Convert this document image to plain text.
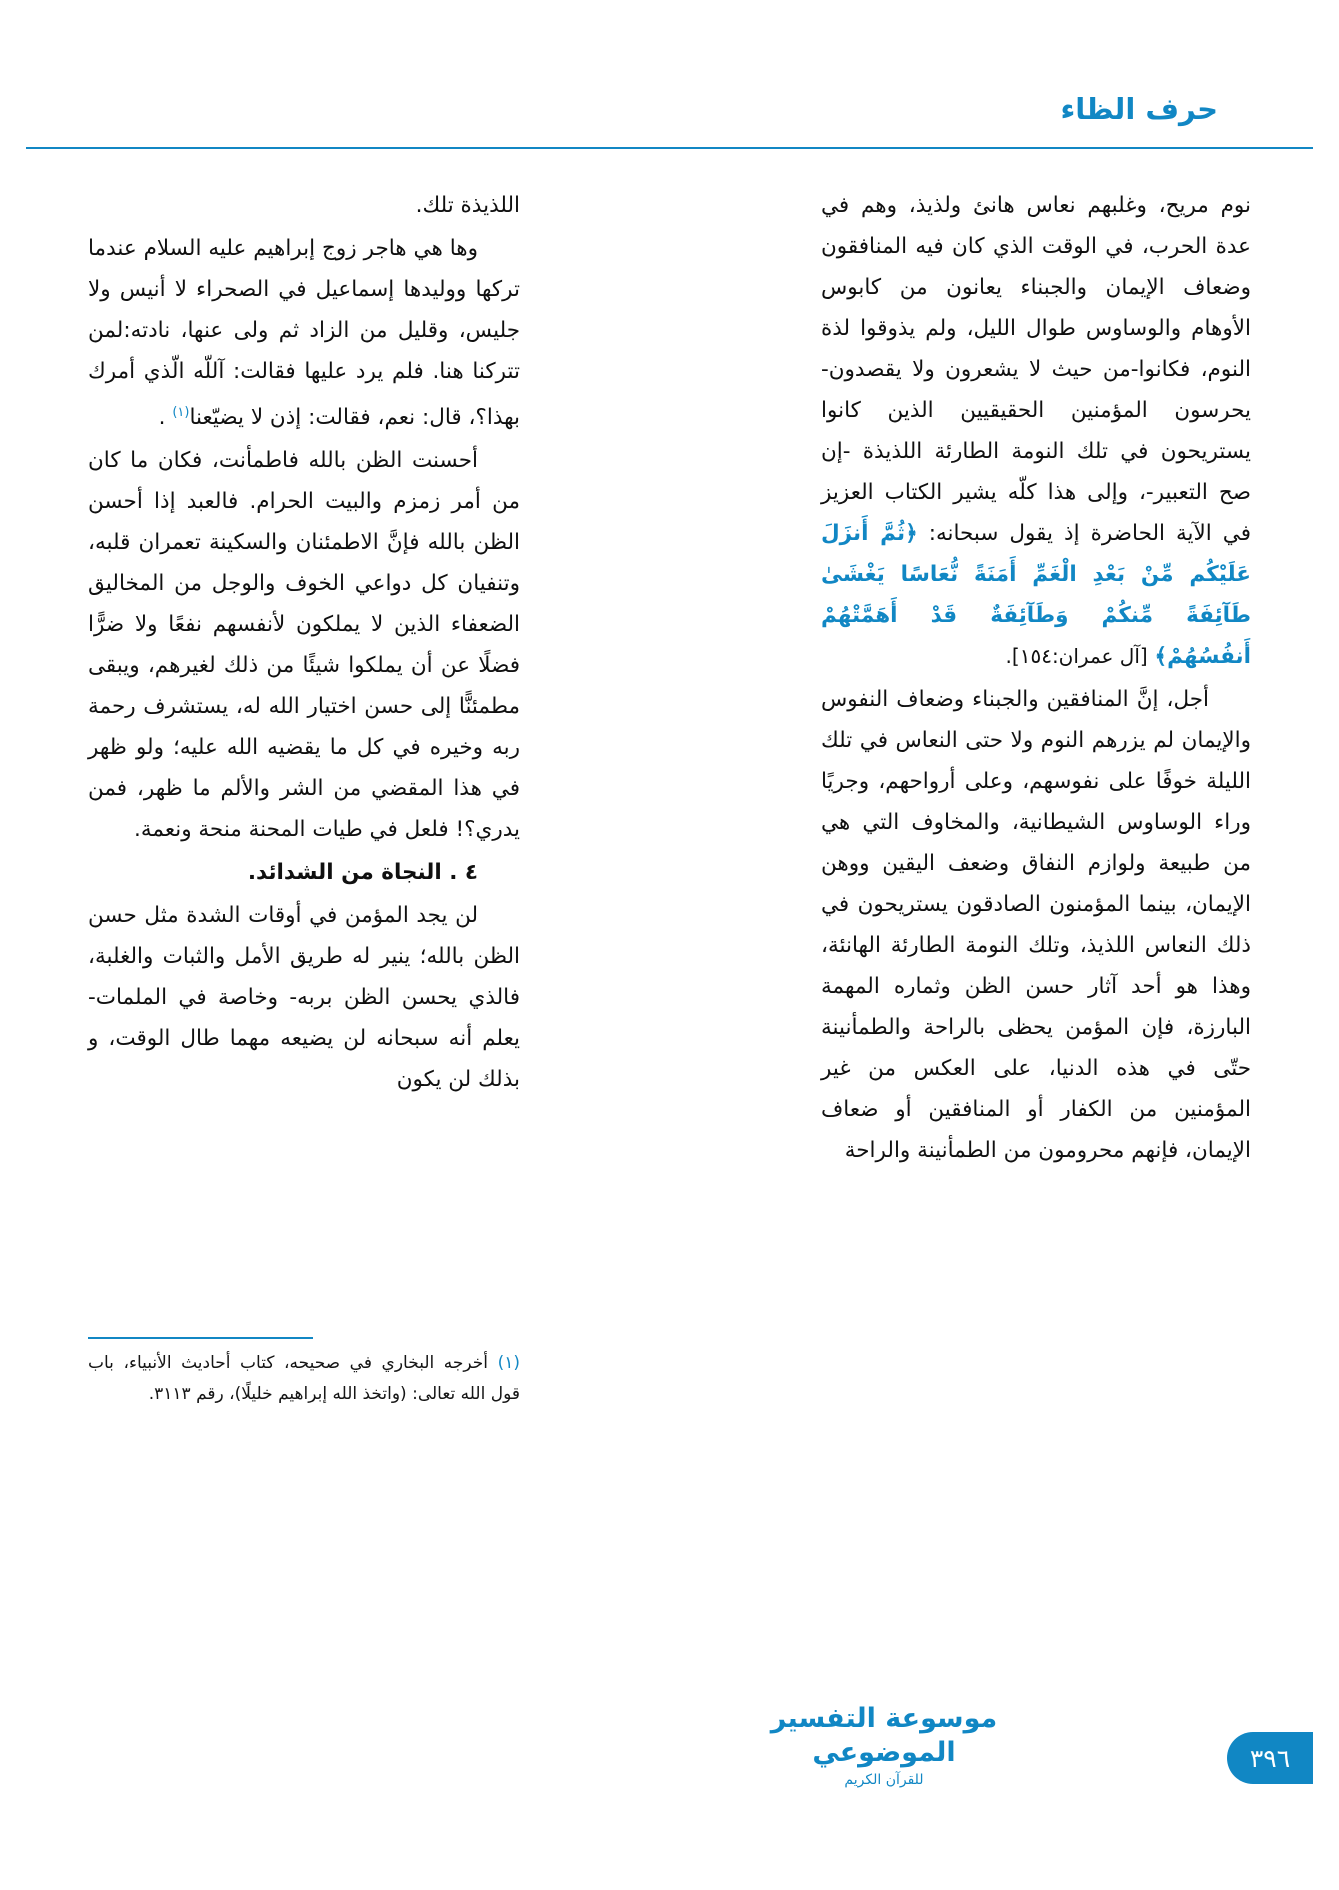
حرف الظاء

نوم مريح، وغلبهم نعاس هانئ ولذيذ، وهم في عدة الحرب، في الوقت الذي كان فيه المنافقون وضعاف الإيمان والجبناء يعانون من كابوس الأوهام والوساوس طوال الليل، ولم يذوقوا لذة النوم، فكانوا-من حيث لا يشعرون ولا يقصدون- يحرسون المؤمنين الحقيقيين الذين كانوا يستريحون في تلك النومة الطارئة اللذيذة -إن صح التعبير-، وإلى هذا كلّه يشير الكتاب العزيز في الآية الحاضرة إذ يقول سبحانه: ﴿ثُمَّ أَنزَلَ عَلَيْكُم مِّنْ بَعْدِ الْغَمِّ أَمَنَةً نُّعَاسًا يَغْشَىٰ طَآئِفَةً مِّنكُمْ وَطَآئِفَةٌ قَدْ أَهَمَّتْهُمْ أَنفُسُهُمْ﴾ [آل عمران:١٥٤].

أجل، إنَّ المنافقين والجبناء وضعاف النفوس والإيمان لم يزرهم النوم ولا حتى النعاس في تلك الليلة خوفًا على نفوسهم، وعلى أرواحهم، وجريًا وراء الوساوس الشيطانية، والمخاوف التي هي من طبيعة ولوازم النفاق وضعف اليقين ووهن الإيمان، بينما المؤمنون الصادقون يستريحون في ذلك النعاس اللذيذ، وتلك النومة الطارئة الهانئة، وهذا هو أحد آثار حسن الظن وثماره المهمة البارزة، فإن المؤمن يحظى بالراحة والطمأنينة حتّى في هذه الدنيا، على العكس من غير المؤمنين من الكفار أو المنافقين أو ضعاف الإيمان، فإنهم محرومون من الطمأنينة والراحة

اللذيذة تلك.

وها هي هاجر زوج إبراهيم عليه السلام عندما تركها ووليدها إسماعيل في الصحراء لا أنيس ولا جليس، وقليل من الزاد ثم ولى عنها، نادته:لمن تتركنا هنا. فلم يرد عليها فقالت: آللّه الّذي أمرك بهذا؟، قال: نعم، فقالت: إذن لا يضيّعنا$^{(١)}$ .

أحسنت الظن بالله فاطمأنت، فكان ما كان من أمر زمزم والبيت الحرام. فالعبد إذا أحسن الظن بالله فإنَّ الاطمئنان والسكينة تعمران قلبه، وتنفيان كل دواعي الخوف والوجل من المخاليق الضعفاء الذين لا يملكون لأنفسهم نفعًا ولا ضرًّا فضلًا عن أن يملكوا شيئًا من ذلك لغيرهم، ويبقى مطمئنًّا إلى حسن اختيار الله له، يستشرف رحمة ربه وخيره في كل ما يقضيه الله عليه؛ ولو ظهر في هذا المقضي من الشر والألم ما ظهر، فمن يدري؟! فلعل في طيات المحنة منحة ونعمة.

٤ . النجاة من الشدائد.

لن يجد المؤمن في أوقات الشدة مثل حسن الظن بالله؛ ينير له طريق الأمل والثبات والغلبة، فالذي يحسن الظن بربه- وخاصة في الملمات- يعلم أنه سبحانه لن يضيعه مهما طال الوقت، و بذلك لن يكون

(١) أخرجه البخاري في صحيحه، كتاب أحاديث الأنبياء، باب قول الله تعالى: (واتخذ الله إبراهيم خليلًا)، رقم ٣١١٣.
موسوعة التفسير الموضوعي
للقرآن الكريم
٣٩٦
